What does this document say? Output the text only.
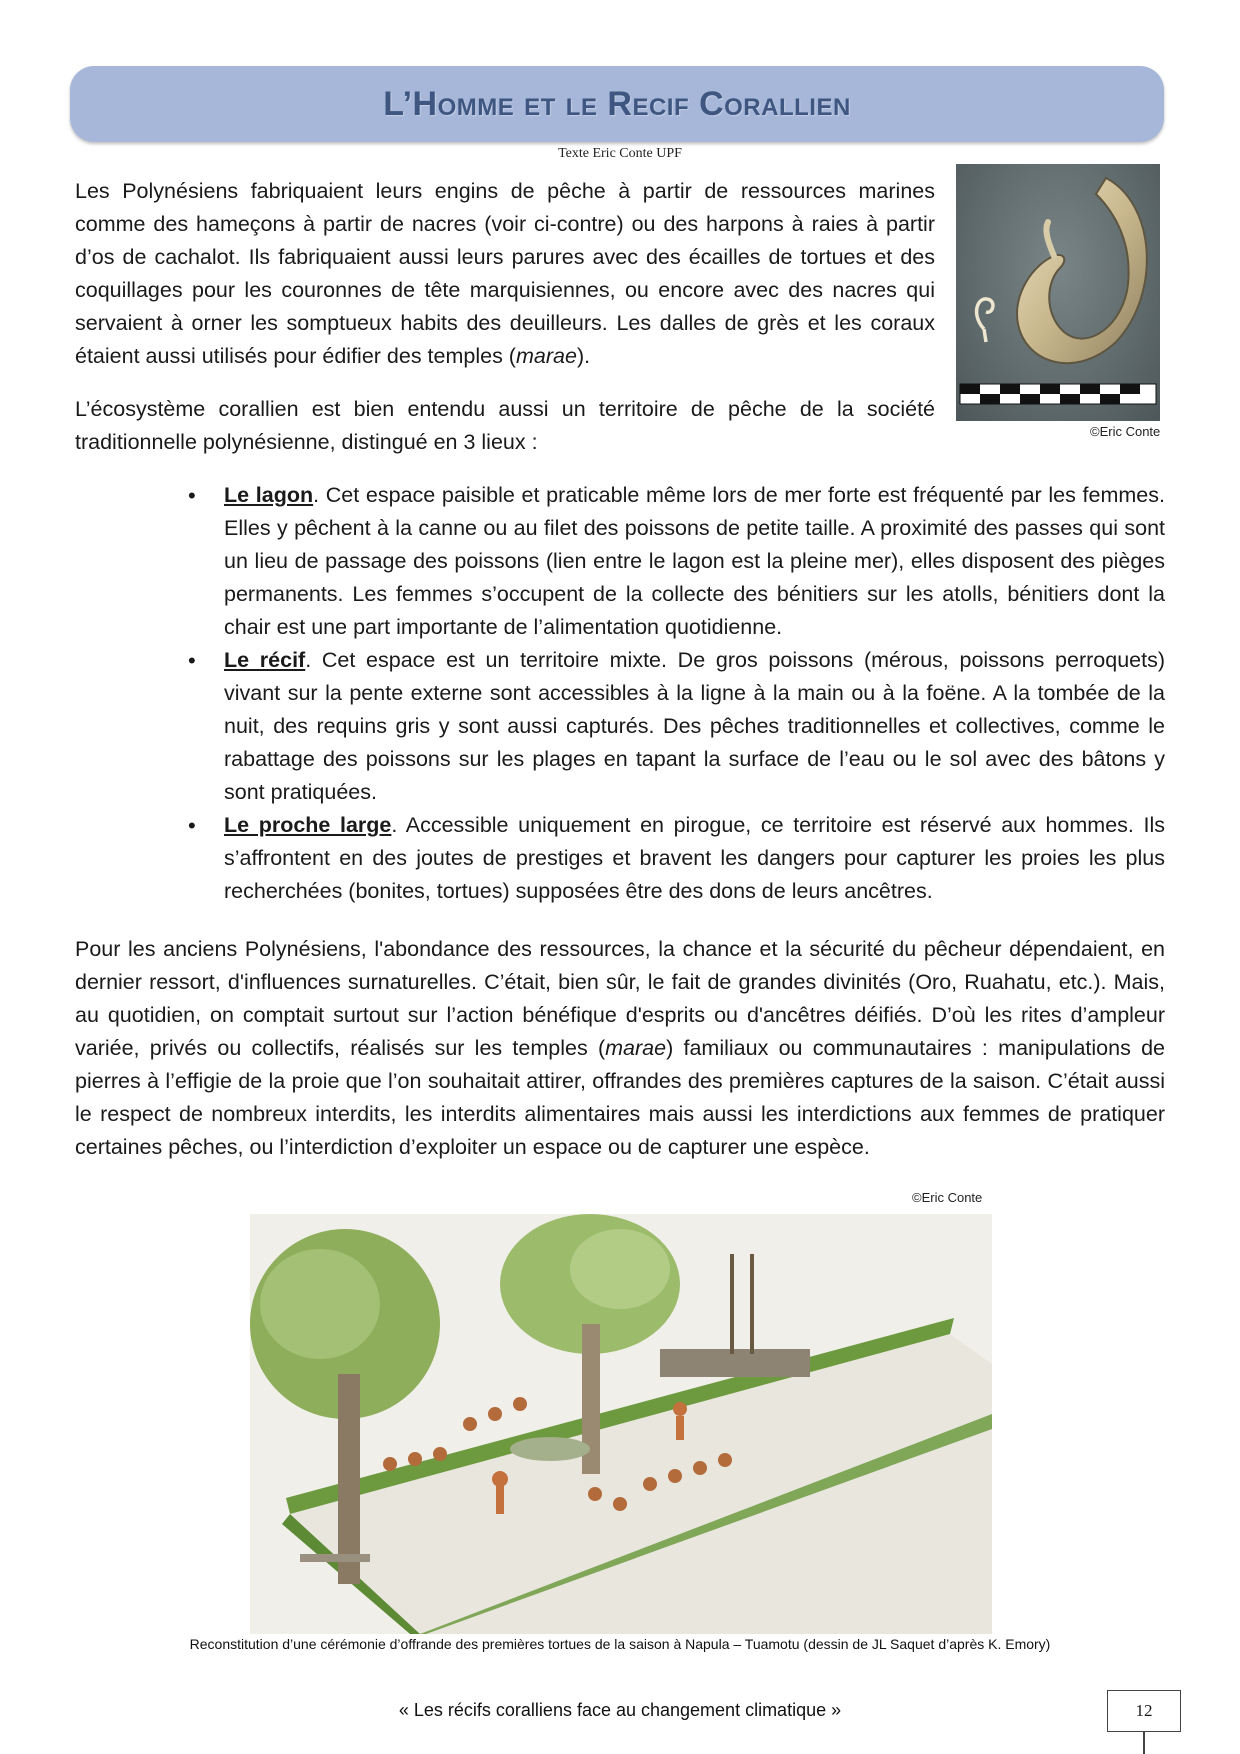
L’Homme et le Recif Corallien
Texte Eric Conte UPF

Les Polynésiens fabriquaient leurs engins de pêche à partir de ressources marines comme des hameçons à partir de nacres (voir ci-contre) ou des harpons à raies à partir d’os de cachalot. Ils fabriquaient aussi leurs parures avec des écailles de tortues et des coquillages pour les couronnes de tête marquisiennes, ou encore avec des nacres qui servaient à orner les somptueux habits des deuilleurs. Les dalles de grès et les coraux étaient aussi utilisés pour édifier des temples (marae).

©Eric Conte

L’écosystème corallien est bien entendu aussi un territoire de pêche de la société traditionnelle polynésienne, distingué en 3 lieux :

• Le lagon. Cet espace paisible et praticable même lors de mer forte est fréquenté par les femmes. Elles y pêchent à la canne ou au filet des poissons de petite taille. A proximité des passes qui sont un lieu de passage des poissons (lien entre le lagon est la pleine mer), elles disposent des pièges permanents. Les femmes s’occupent de la collecte des bénitiers sur les atolls, bénitiers dont la chair est une part importante de l’alimentation quotidienne.
• Le récif. Cet espace est un territoire mixte. De gros poissons (mérous, poissons perroquets) vivant sur la pente externe sont accessibles à la ligne à la main ou à la foëne. A la tombée de la nuit, des requins gris y sont aussi capturés. Des pêches traditionnelles et collectives, comme le rabattage des poissons sur les plages en tapant la surface de l’eau ou le sol avec des bâtons y sont pratiquées.
• Le proche large. Accessible uniquement en pirogue, ce territoire est réservé aux hommes. Ils s’affrontent en des joutes de prestiges et bravent les dangers pour capturer les proies les plus recherchées (bonites, tortues) supposées être des dons de leurs ancêtres.

Pour les anciens Polynésiens, l'abondance des ressources, la chance et la sécurité du pêcheur dépendaient, en dernier ressort, d'influences surnaturelles. C’était, bien sûr, le fait de grandes divinités (Oro, Ruahatu, etc.). Mais, au quotidien, on comptait surtout sur l’action bénéfique d'esprits ou d'ancêtres déifiés. D’où les rites d’ampleur variée, privés ou collectifs, réalisés sur les temples (marae) familiaux ou communautaires : manipulations de pierres à l’effigie de la proie que l’on souhaitait attirer, offrandes des premières captures de la saison. C’était aussi le respect de nombreux interdits, les interdits alimentaires mais aussi les interdictions aux femmes de pratiquer certaines pêches, ou l’interdiction d’exploiter un espace ou de capturer une espèce.

©Eric Conte
Reconstitution d’une cérémonie d’offrande des premières tortues de la saison à Napula – Tuamotu (dessin de JL Saquet d’après K. Emory)
« Les récifs coralliens face au changement climatique »	12
